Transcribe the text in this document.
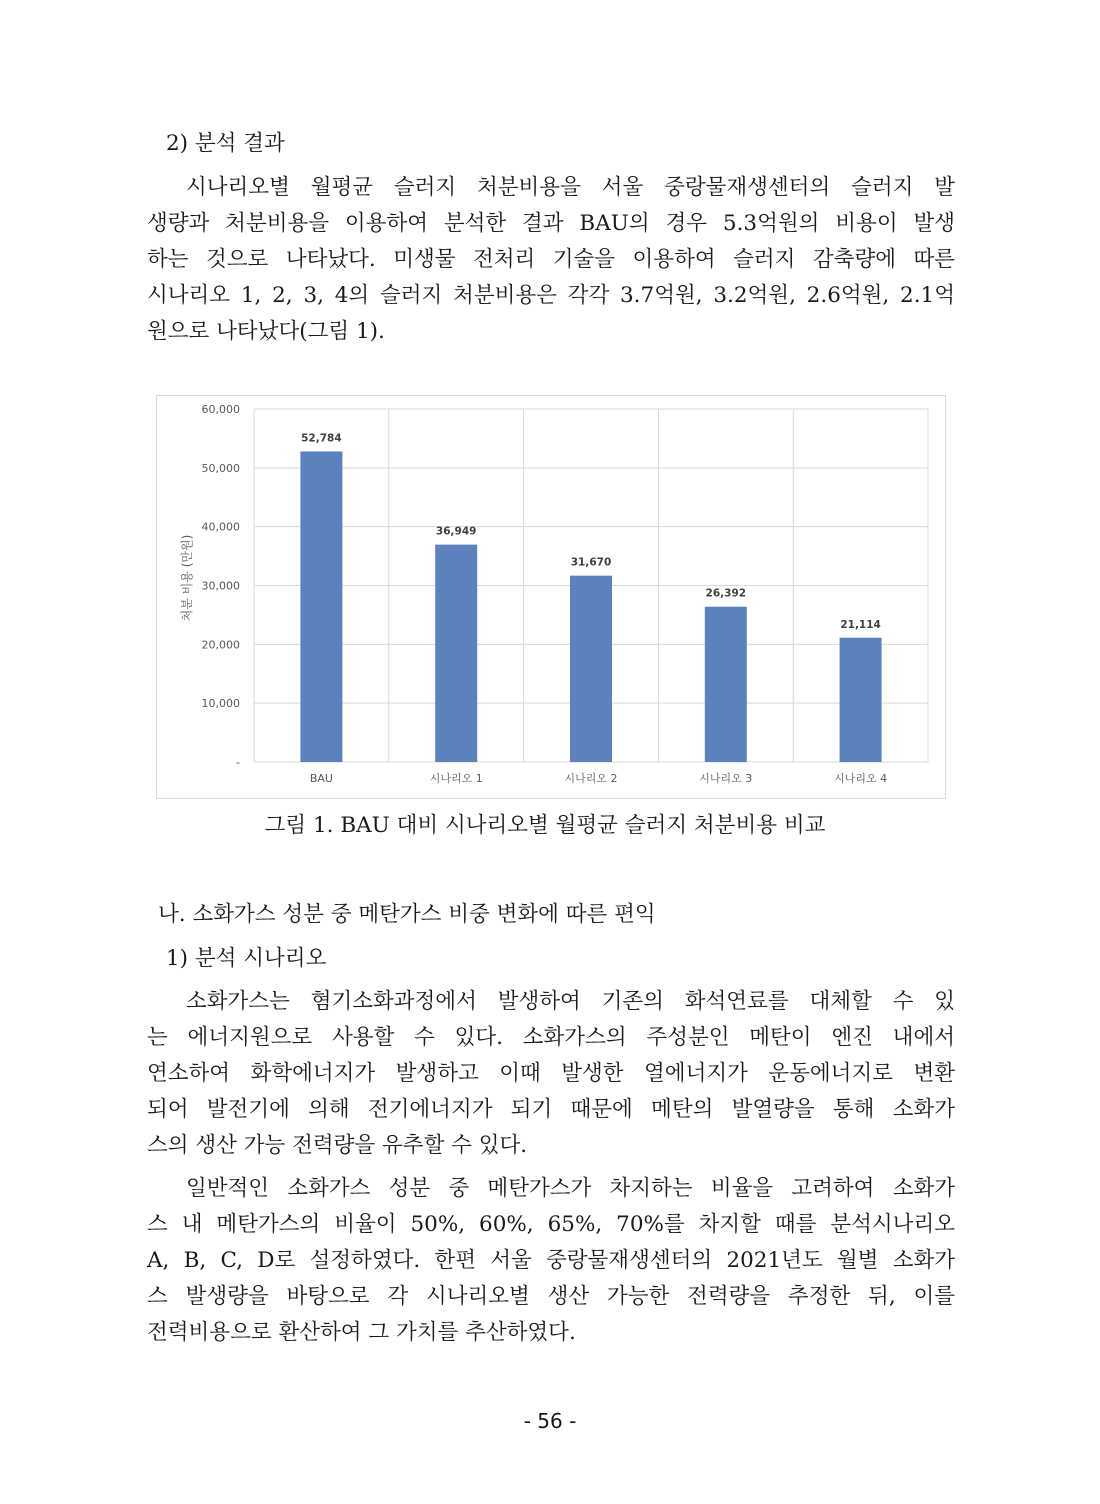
2) 분석 결과
시나리오별 월평균 슬러지 처분비용을 서울 중랑물재생센터의 슬러지 발
생량과 처분비용을 이용하여 분석한 결과 BAU의 경우 5.3억원의 비용이 발생
하는 것으로 나타났다. 미생물 전처리 기술을 이용하여 슬러지 감축량에 따른
시나리오 1, 2, 3, 4의 슬러지 처분비용은 각각 3.7억원, 3.2억원, 2.6억원, 2.1억
원으로 나타났다(그림 1).
-
10,000
20,000
30,000
40,000
50,000
60,000
52,784
BAU
36,949
시나리오 1
31,670
시나리오 2
26,392
시나리오 3
21,114
시나리오 4
처분 비용 (만원)
그림 1. BAU 대비 시나리오별 월평균 슬러지 처분비용 비교
나. 소화가스 성분 중 메탄가스 비중 변화에 따른 편익
1) 분석 시나리오
소화가스는 혐기소화과정에서 발생하여 기존의 화석연료를 대체할 수 있
는 에너지원으로 사용할 수 있다. 소화가스의 주성분인 메탄이 엔진 내에서
연소하여 화학에너지가 발생하고 이때 발생한 열에너지가 운동에너지로 변환
되어 발전기에 의해 전기에너지가 되기 때문에 메탄의 발열량을 통해 소화가
스의 생산 가능 전력량을 유추할 수 있다.
일반적인 소화가스 성분 중 메탄가스가 차지하는 비율을 고려하여 소화가
스 내 메탄가스의 비율이 50%, 60%, 65%, 70%를 차지할 때를 분석시나리오
A, B, C, D로 설정하였다. 한편 서울 중랑물재생센터의 2021년도 월별 소화가
스 발생량을 바탕으로 각 시나리오별 생산 가능한 전력량을 추정한 뒤, 이를
전력비용으로 환산하여 그 가치를 추산하였다.
- 56 -
